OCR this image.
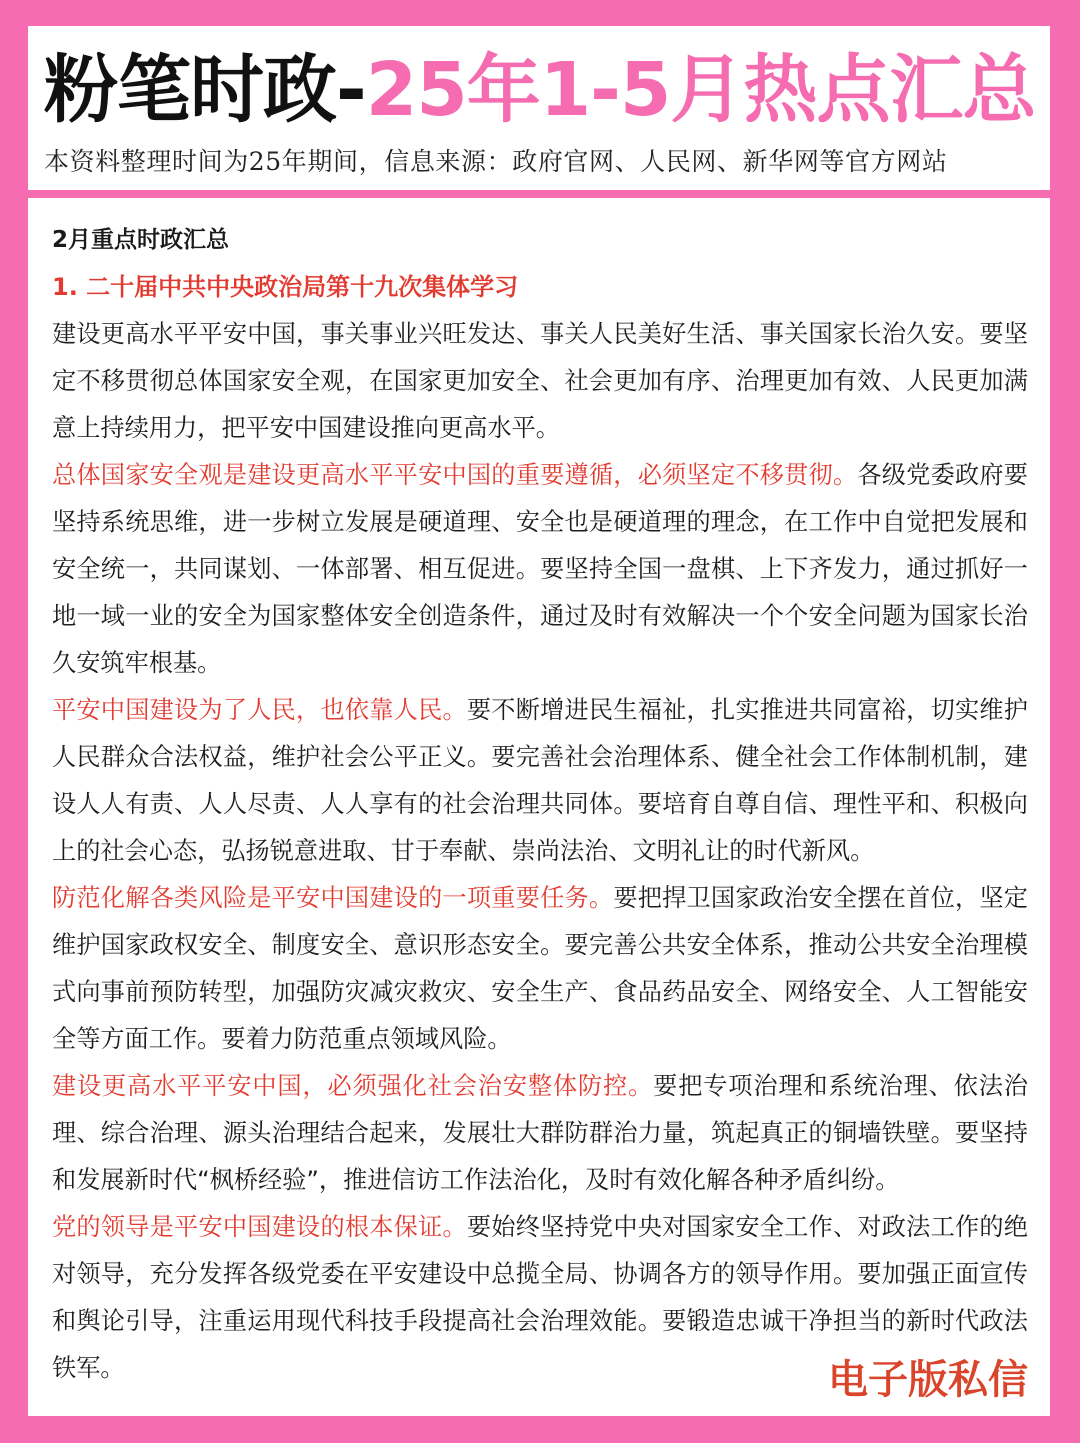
粉笔时政-25年1-5月热点汇总
本资料整理时间为25年期间，信息来源：政府官网、人民网、新华网等官方网站
2月重点时政汇总
1. 二十届中共中央政治局第十九次集体学习

建设更高水平平安中国，事关事业兴旺发达、事关人民美好生活、事关国家长治久安。要坚定不移贯彻总体国家安全观，在国家更加安全、社会更加有序、治理更加有效、人民更加满意上持续用力，把平安中国建设推向更高水平。

总体国家安全观是建设更高水平平安中国的重要遵循，必须坚定不移贯彻。各级党委政府要坚持系统思维，进一步树立发展是硬道理、安全也是硬道理的理念，在工作中自觉把发展和安全统一，共同谋划、一体部署、相互促进。要坚持全国一盘棋、上下齐发力，通过抓好一地一域一业的安全为国家整体安全创造条件，通过及时有效解决一个个安全问题为国家长治久安筑牢根基。

平安中国建设为了人民，也依靠人民。要不断增进民生福祉，扎实推进共同富裕，切实维护人民群众合法权益，维护社会公平正义。要完善社会治理体系、健全社会工作体制机制，建设人人有责、人人尽责、人人享有的社会治理共同体。要培育自尊自信、理性平和、积极向上的社会心态，弘扬锐意进取、甘于奉献、崇尚法治、文明礼让的时代新风。

防范化解各类风险是平安中国建设的一项重要任务。要把捍卫国家政治安全摆在首位，坚定维护国家政权安全、制度安全、意识形态安全。要完善公共安全体系，推动公共安全治理模式向事前预防转型，加强防灾减灾救灾、安全生产、食品药品安全、网络安全、人工智能安全等方面工作。要着力防范重点领域风险。

建设更高水平平安中国，必须强化社会治安整体防控。要把专项治理和系统治理、依法治理、综合治理、源头治理结合起来，发展壮大群防群治力量，筑起真正的铜墙铁壁。要坚持和发展新时代“枫桥经验”，推进信访工作法治化，及时有效化解各种矛盾纠纷。

党的领导是平安中国建设的根本保证。要始终坚持党中央对国家安全工作、对政法工作的绝对领导，充分发挥各级党委在平安建设中总揽全局、协调各方的领导作用。要加强正面宣传和舆论引导，注重运用现代科技手段提高社会治理效能。要锻造忠诚干净担当的新时代政法铁军。	电子版私信
